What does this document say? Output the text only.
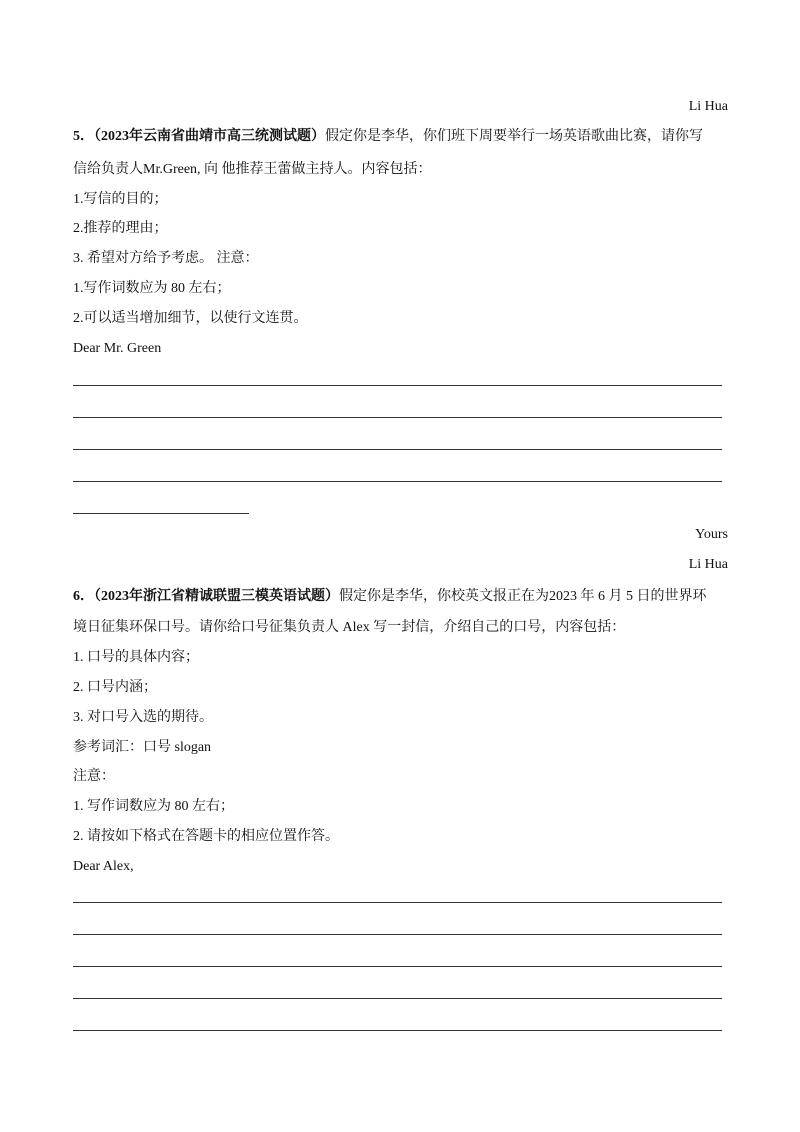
Li Hua
5．（2023年云南省曲靖市高三统测试题）假定你是李华，你们班下周要举行一场英语歌曲比赛，请你写
信给负责人Mr.Green, 向 他推荐王蕾做主持人。内容包括：
1.写信的目的；
2.推荐的理由；
3. 希望对方给予考虑。 注意：
1.写作词数应为 80 左右；
2.可以适当增加细节，以使行文连贯。
Dear Mr. Green
Yours
Li Hua
6．（2023年浙江省精诚联盟三模英语试题）假定你是李华，你校英文报正在为2023 年 6 月 5 日的世界环
境日征集环保口号。请你给口号征集负责人 Alex 写一封信，介绍自己的口号，内容包括：
1. 口号的具体内容；
2. 口号内涵；
3. 对口号入选的期待。
参考词汇：口号 slogan
注意：
1. 写作词数应为 80 左右；
2. 请按如下格式在答题卡的相应位置作答。
Dear Alex,
